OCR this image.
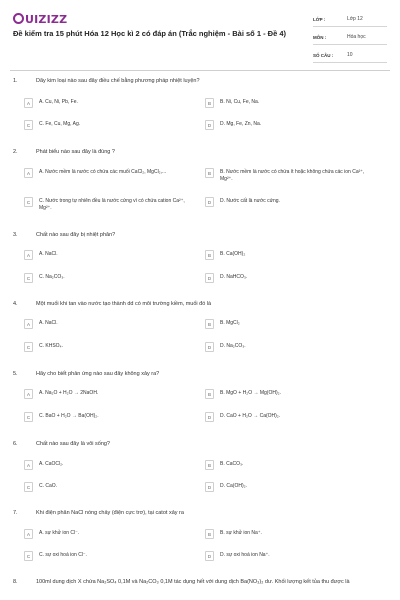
UIZIZZ
Đề kiểm tra 15 phút Hóa 12 Học kì 2 có đáp án (Trắc nghiệm - Bài số 1 - Đề 4)
LỚP :	Lớp 12
MÔN :	Hóa học
SỐ CÂU :	10
1.	Dãy kim loại nào sau đây điều chế bằng phương pháp nhiệt luyện?
A	A. Cu, Ni, Pb, Fe.	B	B. Ni, Cu, Fe, Na.
C	C. Fe, Cu, Mg, Ag.	D	D. Mg, Fe, Zn, Na.
2.	Phát biểu nào sau đây là đúng ?
A	A. Nước mềm là nước có chứa các muối CaCl₂, MgCl₂,...	B	B. Nước mềm là nước có chứa ít hoặc không chứa các ion Ca²⁺, Mg²⁺.
C	C. Nước trong tự nhiên đều là nước cứng vì có chứa cation Ca²⁺, Mg²⁺.
D	D. Nước cất là nước cứng.
3.	Chất nào sau đây bị nhiệt phân?
A	A. NaCl.	B	B. Ca(OH)₂
C	C. Na₂CO₃.	D	D. NaHCO₃.
4.	Một muối khi tan vào nước tạo thành dd có môi trường kiềm, muối đó là
A	A. NaCl.	B	B. MgCl₂
C	C. KHSO₄.	D	D. Na₂CO₃.
5.	Hãy cho biết phản ứng nào sau đây không xảy ra?
A	A. Na₂O + H₂O → 2NaOH.	B	B. MgO + H₂O → Mg(OH)₂.
C	C. BaO + H₂O → Ba(OH)₂.	D	D. CaO + H₂O → Ca(OH)₂.
6.	Chất nào sau đây là vôi sống?
A	A. CaOCl₂.	B	B. CaCO₃.
C	C. CaO.	D	D. Ca(OH)₂.
7.	Khi điện phân NaCl nóng chảy (điện cực trơ), tại catot xảy ra
A	A. sự khử ion Cl⁻.	B	B. sự khử ion Na⁺.
C	C. sự oxi hoá ion Cl⁻.	D	D. sự oxi hoá ion Na⁺.
8.	100ml dung dịch X chứa Na₂SO₄ 0,1M và Na₂CO₃ 0,1M tác dụng hết với dung dịch Ba(NO₃)₂ dư. Khối lượng kết tủa thu được là
